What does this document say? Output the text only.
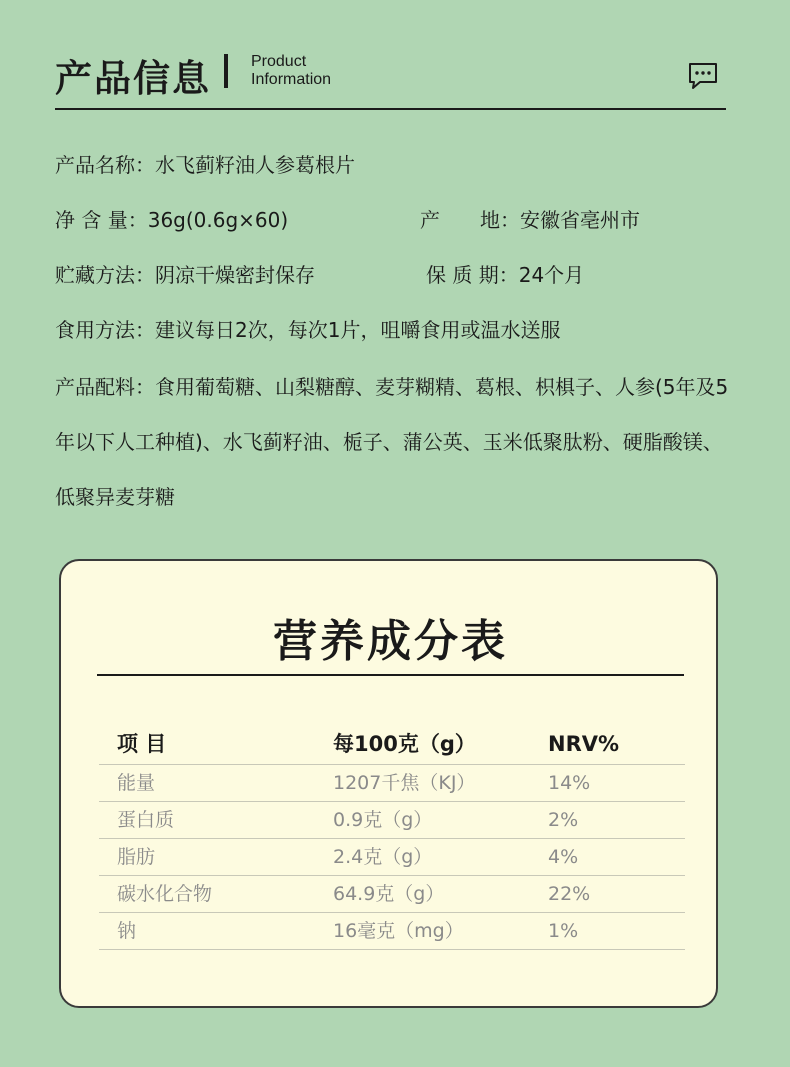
产品信息	Product
Information
产品名称：水飞蓟籽油人参葛根片
净 含 量：36g(0.6g×60)	产　　地：安徽省亳州市
贮藏方法：阴凉干燥密封保存	保 质 期：24个月
食用方法：建议每日2次，每次1片，咀嚼食用或温水送服
产品配料：食用葡萄糖、山梨糖醇、麦芽糊精、葛根、枳椇子、人参(5年及5年以下人工种植)、水飞蓟籽油、栀子、蒲公英、玉米低聚肽粉、硬脂酸镁、低聚异麦芽糖
营养成分表
项 目	每100克（g）	NRV%
能量	1207千焦（KJ）	14%
蛋白质	0.9克（g）	2%
脂肪	2.4克（g）	4%
碳水化合物	64.9克（g）	22%
钠	16毫克（mg）	1%
